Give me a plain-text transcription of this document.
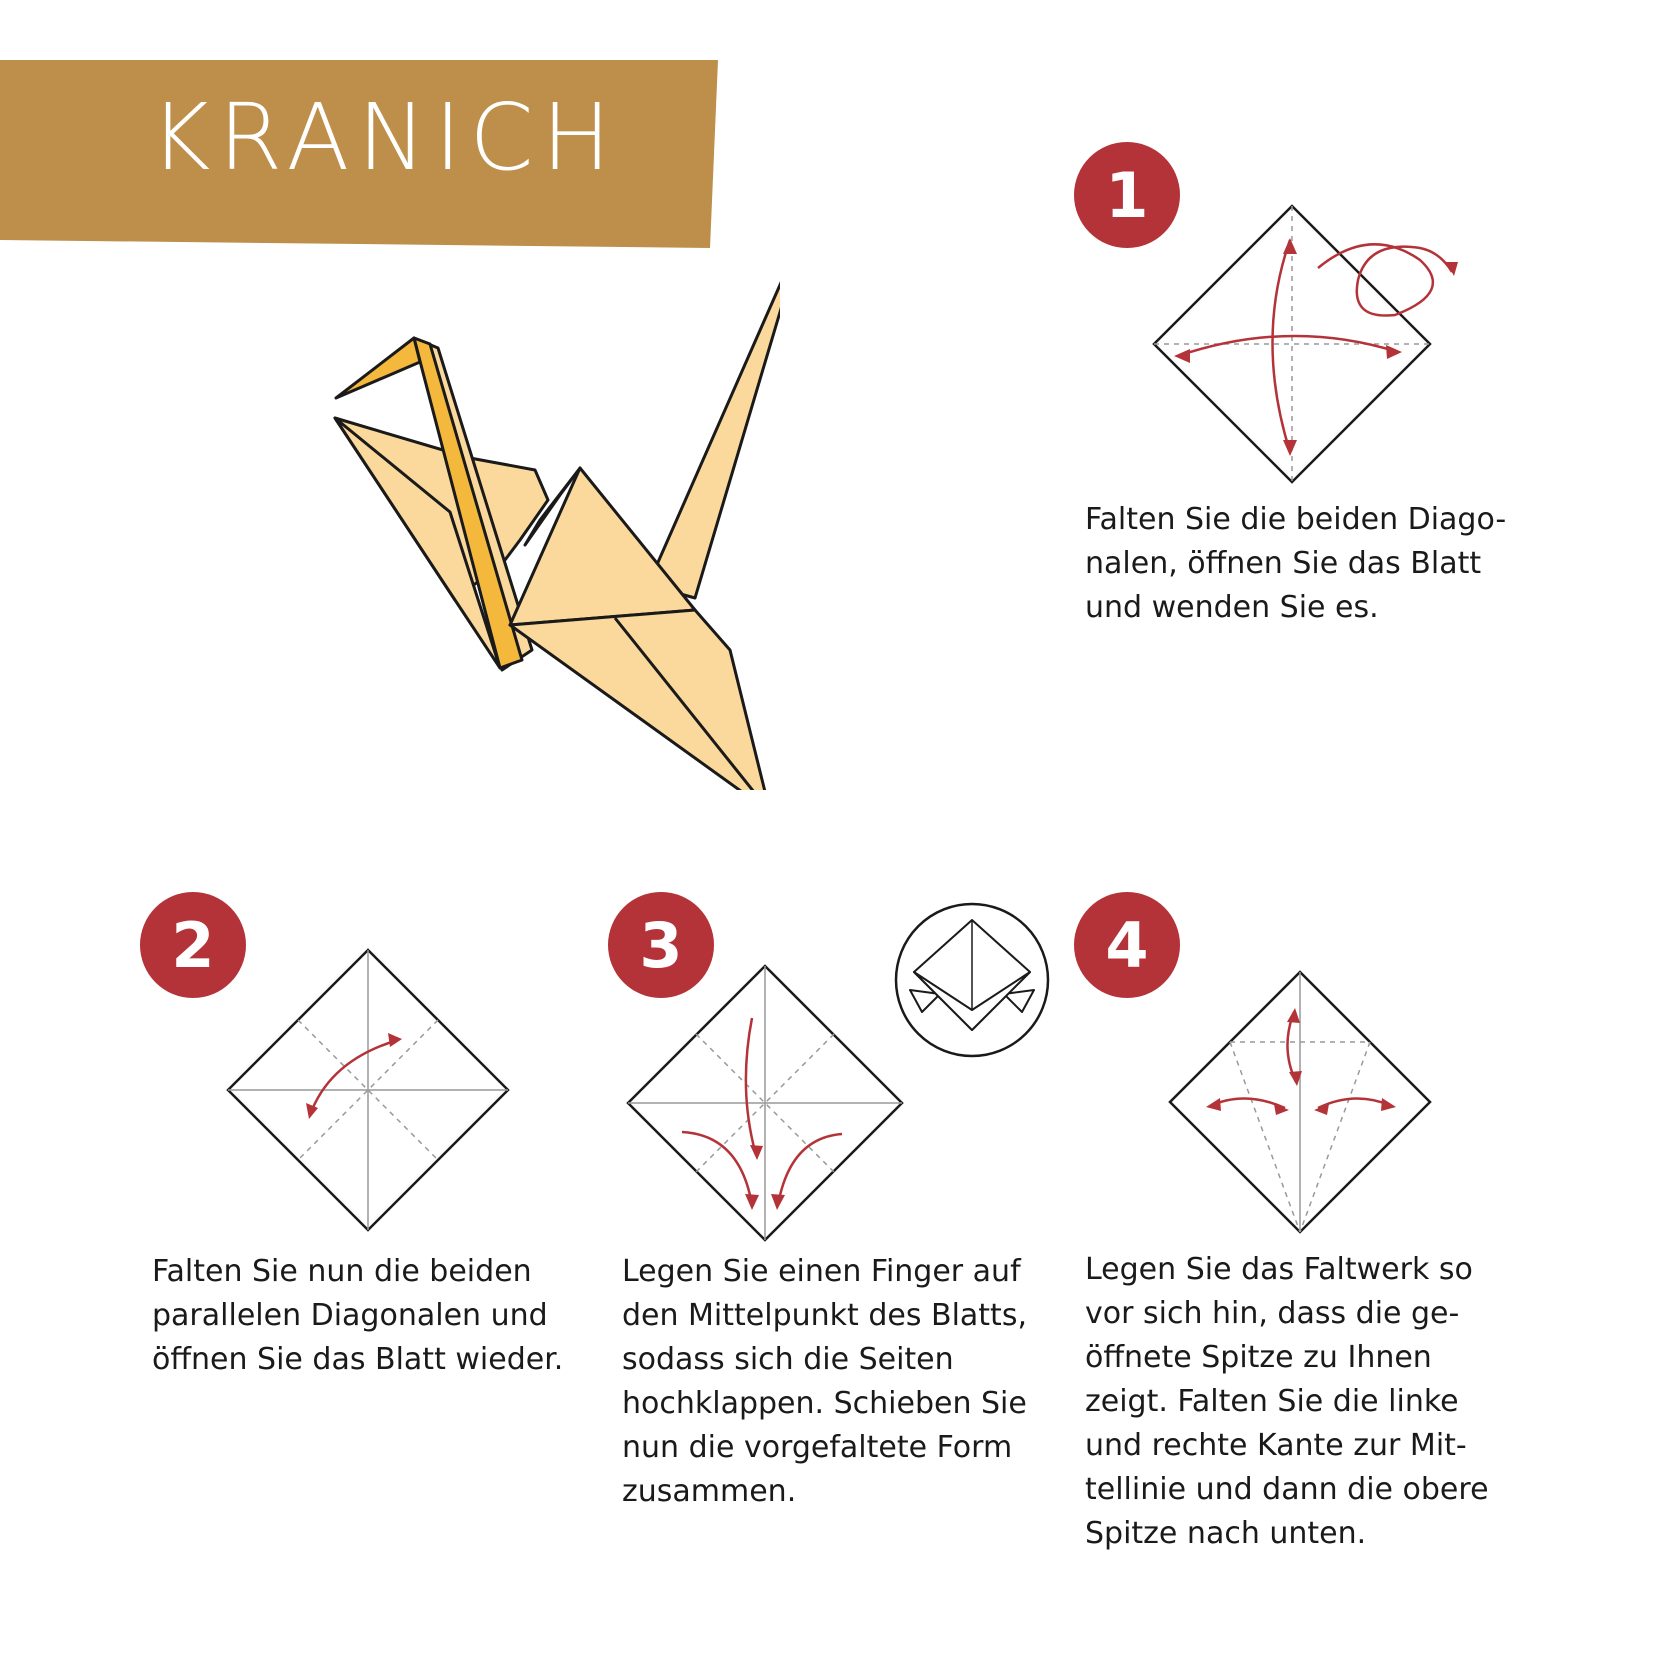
KRANICH
1
Falten Sie die beiden Diago-
nalen, öffnen Sie das Blatt
und wenden Sie es.
2
Falten Sie nun die beiden
parallelen Diagonalen und
öffnen Sie das Blatt wieder.
3
Legen Sie einen Finger auf
den Mittelpunkt des Blatts,
sodass sich die Seiten
hochklappen. Schieben Sie
nun die vorgefaltete Form
zusammen.
4
Legen Sie das Faltwerk so
vor sich hin, dass die ge-
öffnete Spitze zu Ihnen
zeigt. Falten Sie die linke
und rechte Kante zur Mit-
tellinie und dann die obere
Spitze nach unten.
